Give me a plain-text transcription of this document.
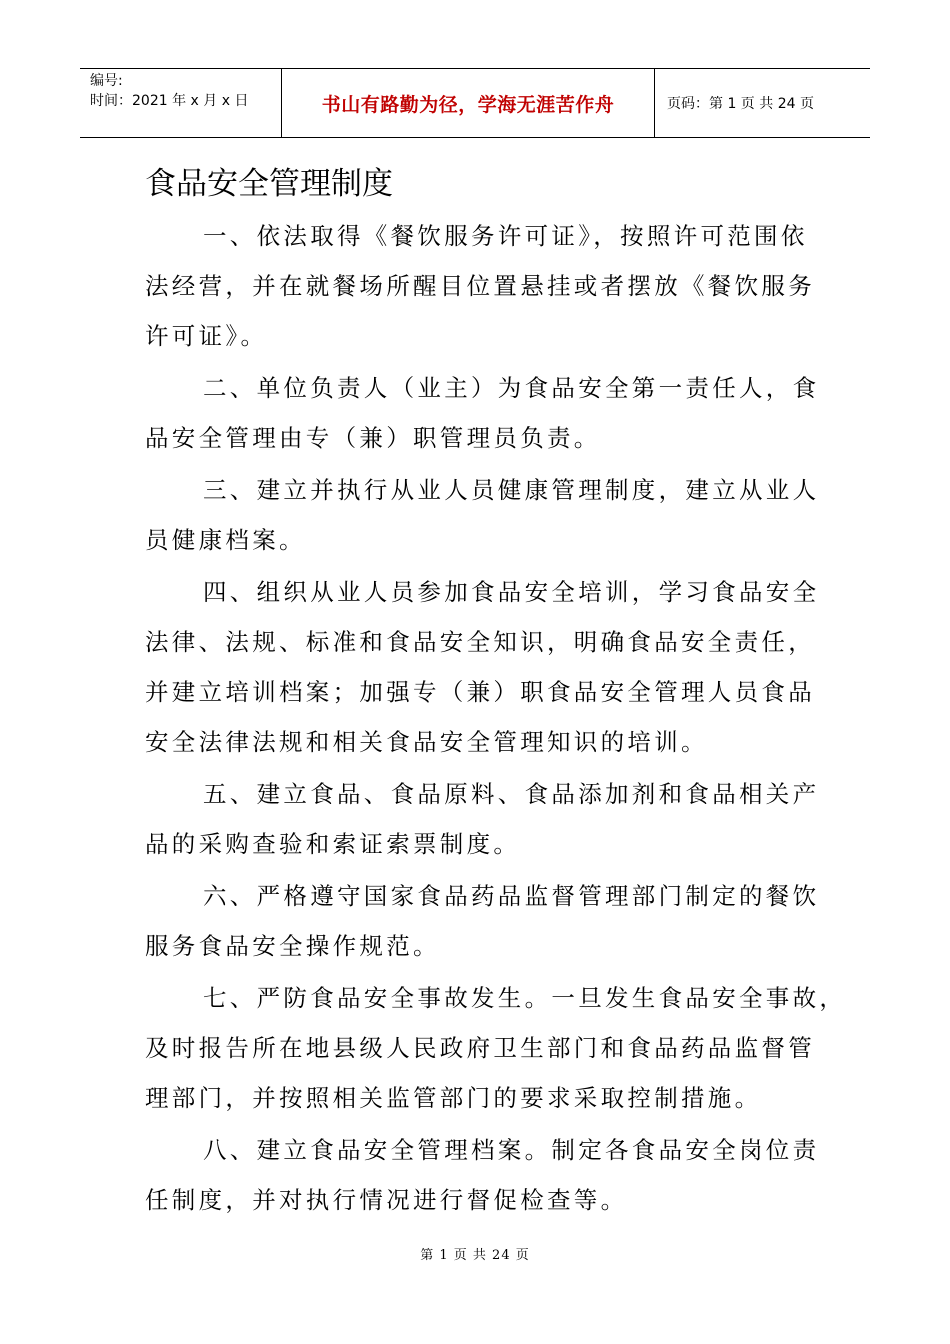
编号:
时间：2021 年 x 月 x 日	书山有路勤为径，学海无涯苦作舟	页码：第 1 页 共 24 页
食品安全管理制度
一、依法取得《餐饮服务许可证》，按照许可范围依
法经营，并在就餐场所醒目位置悬挂或者摆放《餐饮服务
许可证》。
二、单位负责人（业主）为食品安全第一责任人，食
品安全管理由专（兼）职管理员负责。
三、建立并执行从业人员健康管理制度，建立从业人
员健康档案。
四、组织从业人员参加食品安全培训，学习食品安全
法律、法规、标准和食品安全知识，明确食品安全责任，
并建立培训档案；加强专（兼）职食品安全管理人员食品
安全法律法规和相关食品安全管理知识的培训。
五、建立食品、食品原料、食品添加剂和食品相关产
品的采购查验和索证索票制度。
六、严格遵守国家食品药品监督管理部门制定的餐饮
服务食品安全操作规范。
七、严防食品安全事故发生。一旦发生食品安全事故，
及时报告所在地县级人民政府卫生部门和食品药品监督管
理部门，并按照相关监管部门的要求采取控制措施。
八、建立食品安全管理档案。制定各食品安全岗位责
任制度，并对执行情况进行督促检查等。
第 1 页 共 24 页
